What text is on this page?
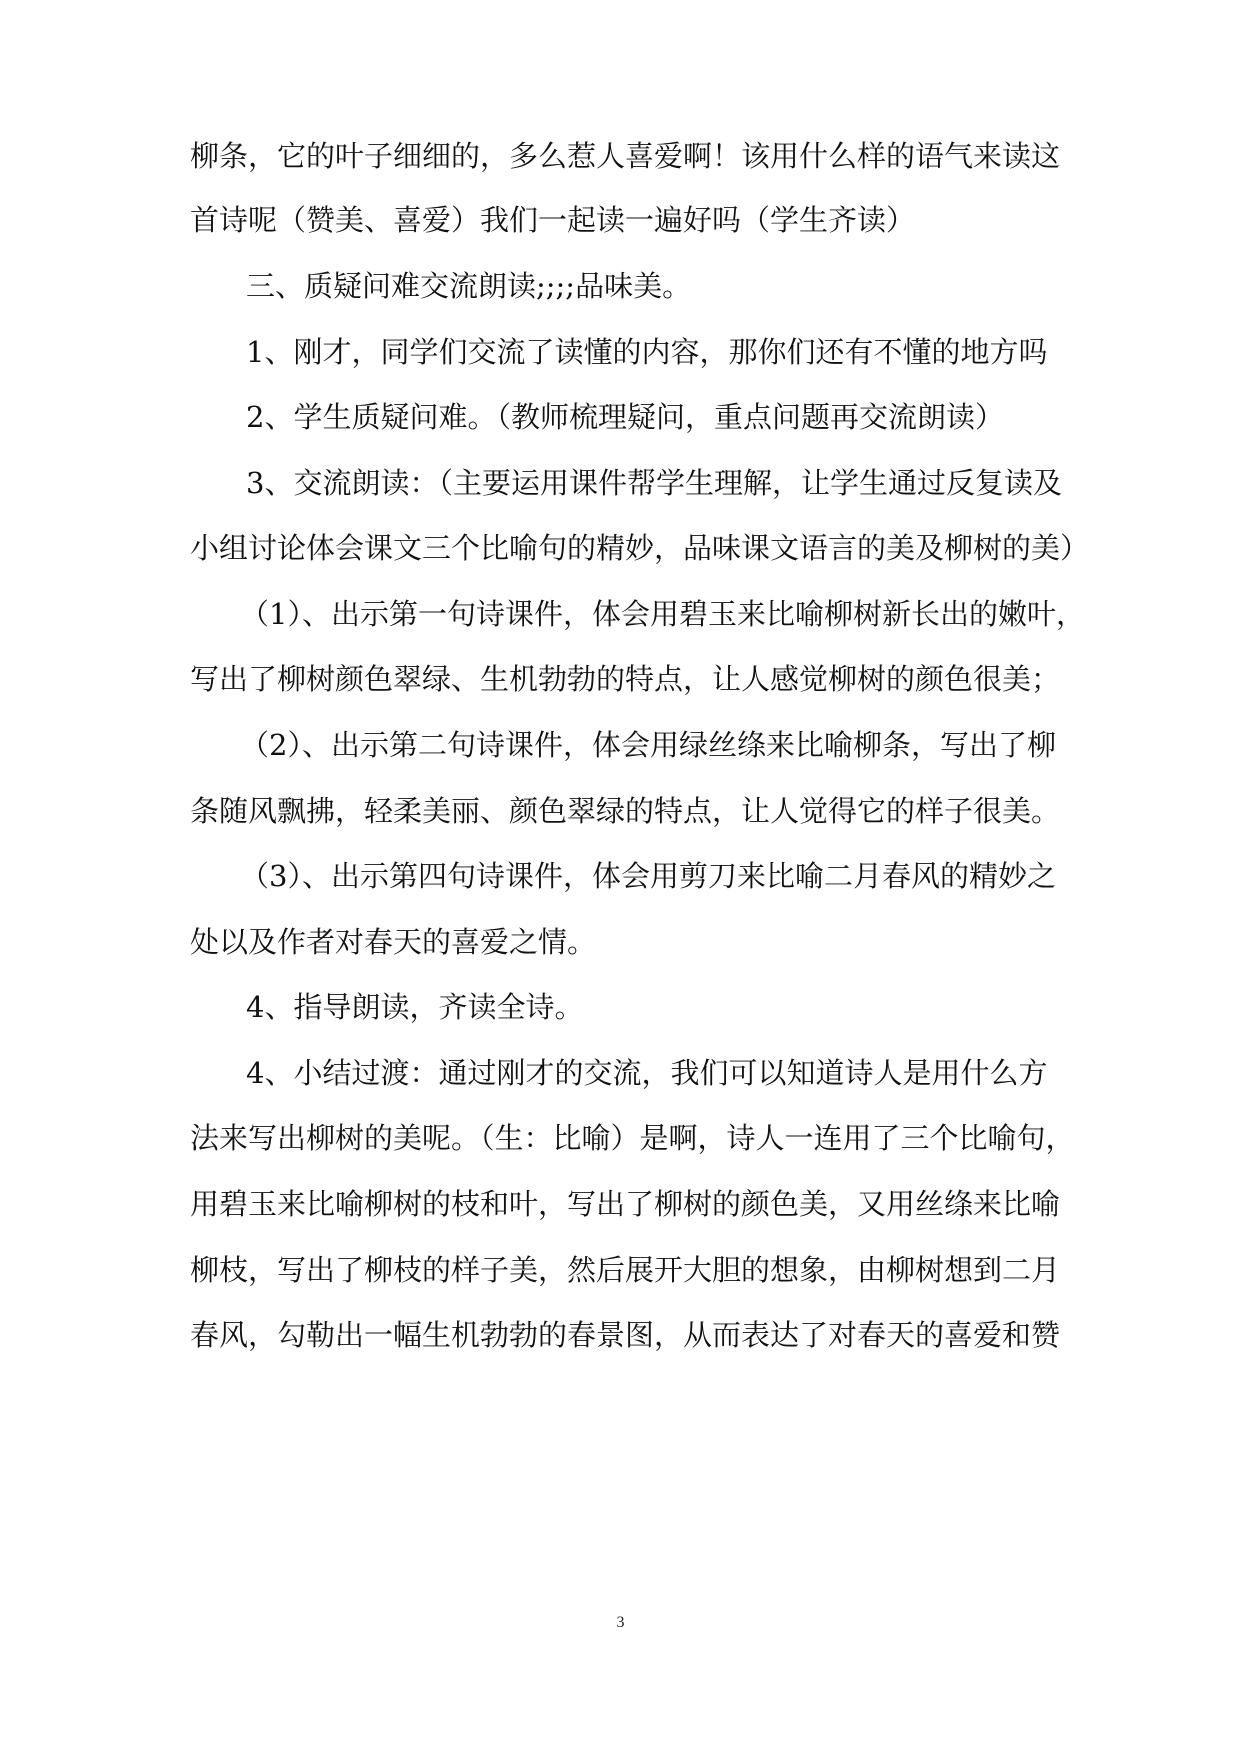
柳条，它的叶子细细的，多么惹人喜爱啊！该用什么样的语气来读这
首诗呢（赞美、喜爱）我们一起读一遍好吗（学生齐读）
三、质疑问难交流朗读;;;;品味美。
1、刚才，同学们交流了读懂的内容，那你们还有不懂的地方吗
2、学生质疑问难。（教师梳理疑问，重点问题再交流朗读）
3、交流朗读：（主要运用课件帮学生理解，让学生通过反复读及
小组讨论体会课文三个比喻句的精妙，品味课文语言的美及柳树的美）
（1）、出示第一句诗课件，体会用碧玉来比喻柳树新长出的嫩叶，
写出了柳树颜色翠绿、生机勃勃的特点，让人感觉柳树的颜色很美；
（2）、出示第二句诗课件，体会用绿丝绦来比喻柳条，写出了柳
条随风飘拂，轻柔美丽、颜色翠绿的特点，让人觉得它的样子很美。
（3）、出示第四句诗课件，体会用剪刀来比喻二月春风的精妙之
处以及作者对春天的喜爱之情。
4、指导朗读，齐读全诗。
4、小结过渡：通过刚才的交流，我们可以知道诗人是用什么方
法来写出柳树的美呢。（生：比喻）是啊，诗人一连用了三个比喻句，
用碧玉来比喻柳树的枝和叶，写出了柳树的颜色美，又用丝绦来比喻
柳枝，写出了柳枝的样子美，然后展开大胆的想象，由柳树想到二月
春风，勾勒出一幅生机勃勃的春景图，从而表达了对春天的喜爱和赞
3
